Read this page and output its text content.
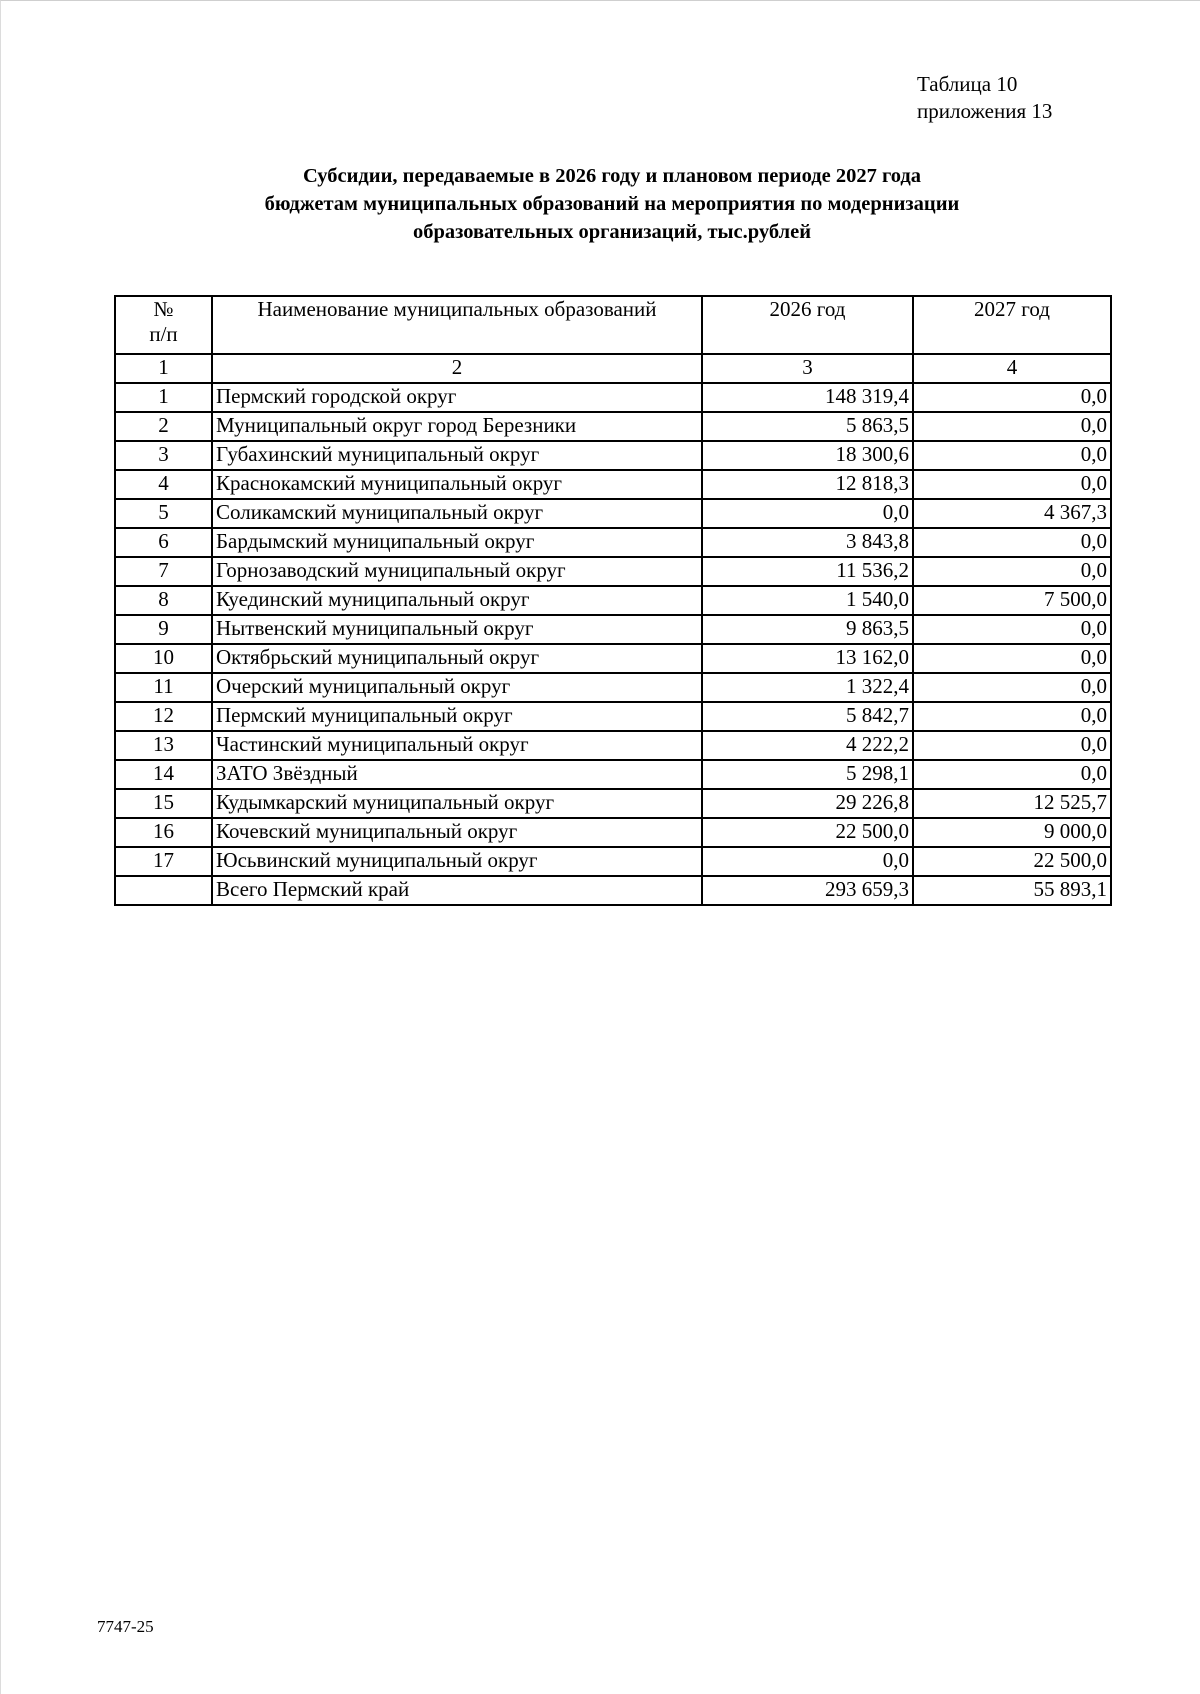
Таблица 10
приложения 13
Субсидии, передаваемые в 2026 году и плановом периоде 2027 года
бюджетам муниципальных образований на мероприятия по модернизации
образовательных организаций, тыс.рублей
№
п/п	Наименование муниципальных образований	2026 год	2027 год
1	2	3	4
1	Пермский городской округ	148 319,4	0,0
2	Муниципальный округ город Березники	5 863,5	0,0
3	Губахинский муниципальный округ	18 300,6	0,0
4	Краснокамский муниципальный округ	12 818,3	0,0
5	Соликамский муниципальный округ	0,0	4 367,3
6	Бардымский муниципальный округ	3 843,8	0,0
7	Горнозаводский муниципальный округ	11 536,2	0,0
8	Куединский муниципальный округ	1 540,0	7 500,0
9	Нытвенский муниципальный округ	9 863,5	0,0
10	Октябрьский муниципальный округ	13 162,0	0,0
11	Очерский муниципальный округ	1 322,4	0,0
12	Пермский муниципальный округ	5 842,7	0,0
13	Частинский муниципальный округ	4 222,2	0,0
14	ЗАТО Звёздный	5 298,1	0,0
15	Кудымкарский муниципальный округ	29 226,8	12 525,7
16	Кочевский муниципальный округ	22 500,0	9 000,0
17	Юсьвинский муниципальный округ	0,0	22 500,0
	Всего Пермский край	293 659,3	55 893,1
7747-25
